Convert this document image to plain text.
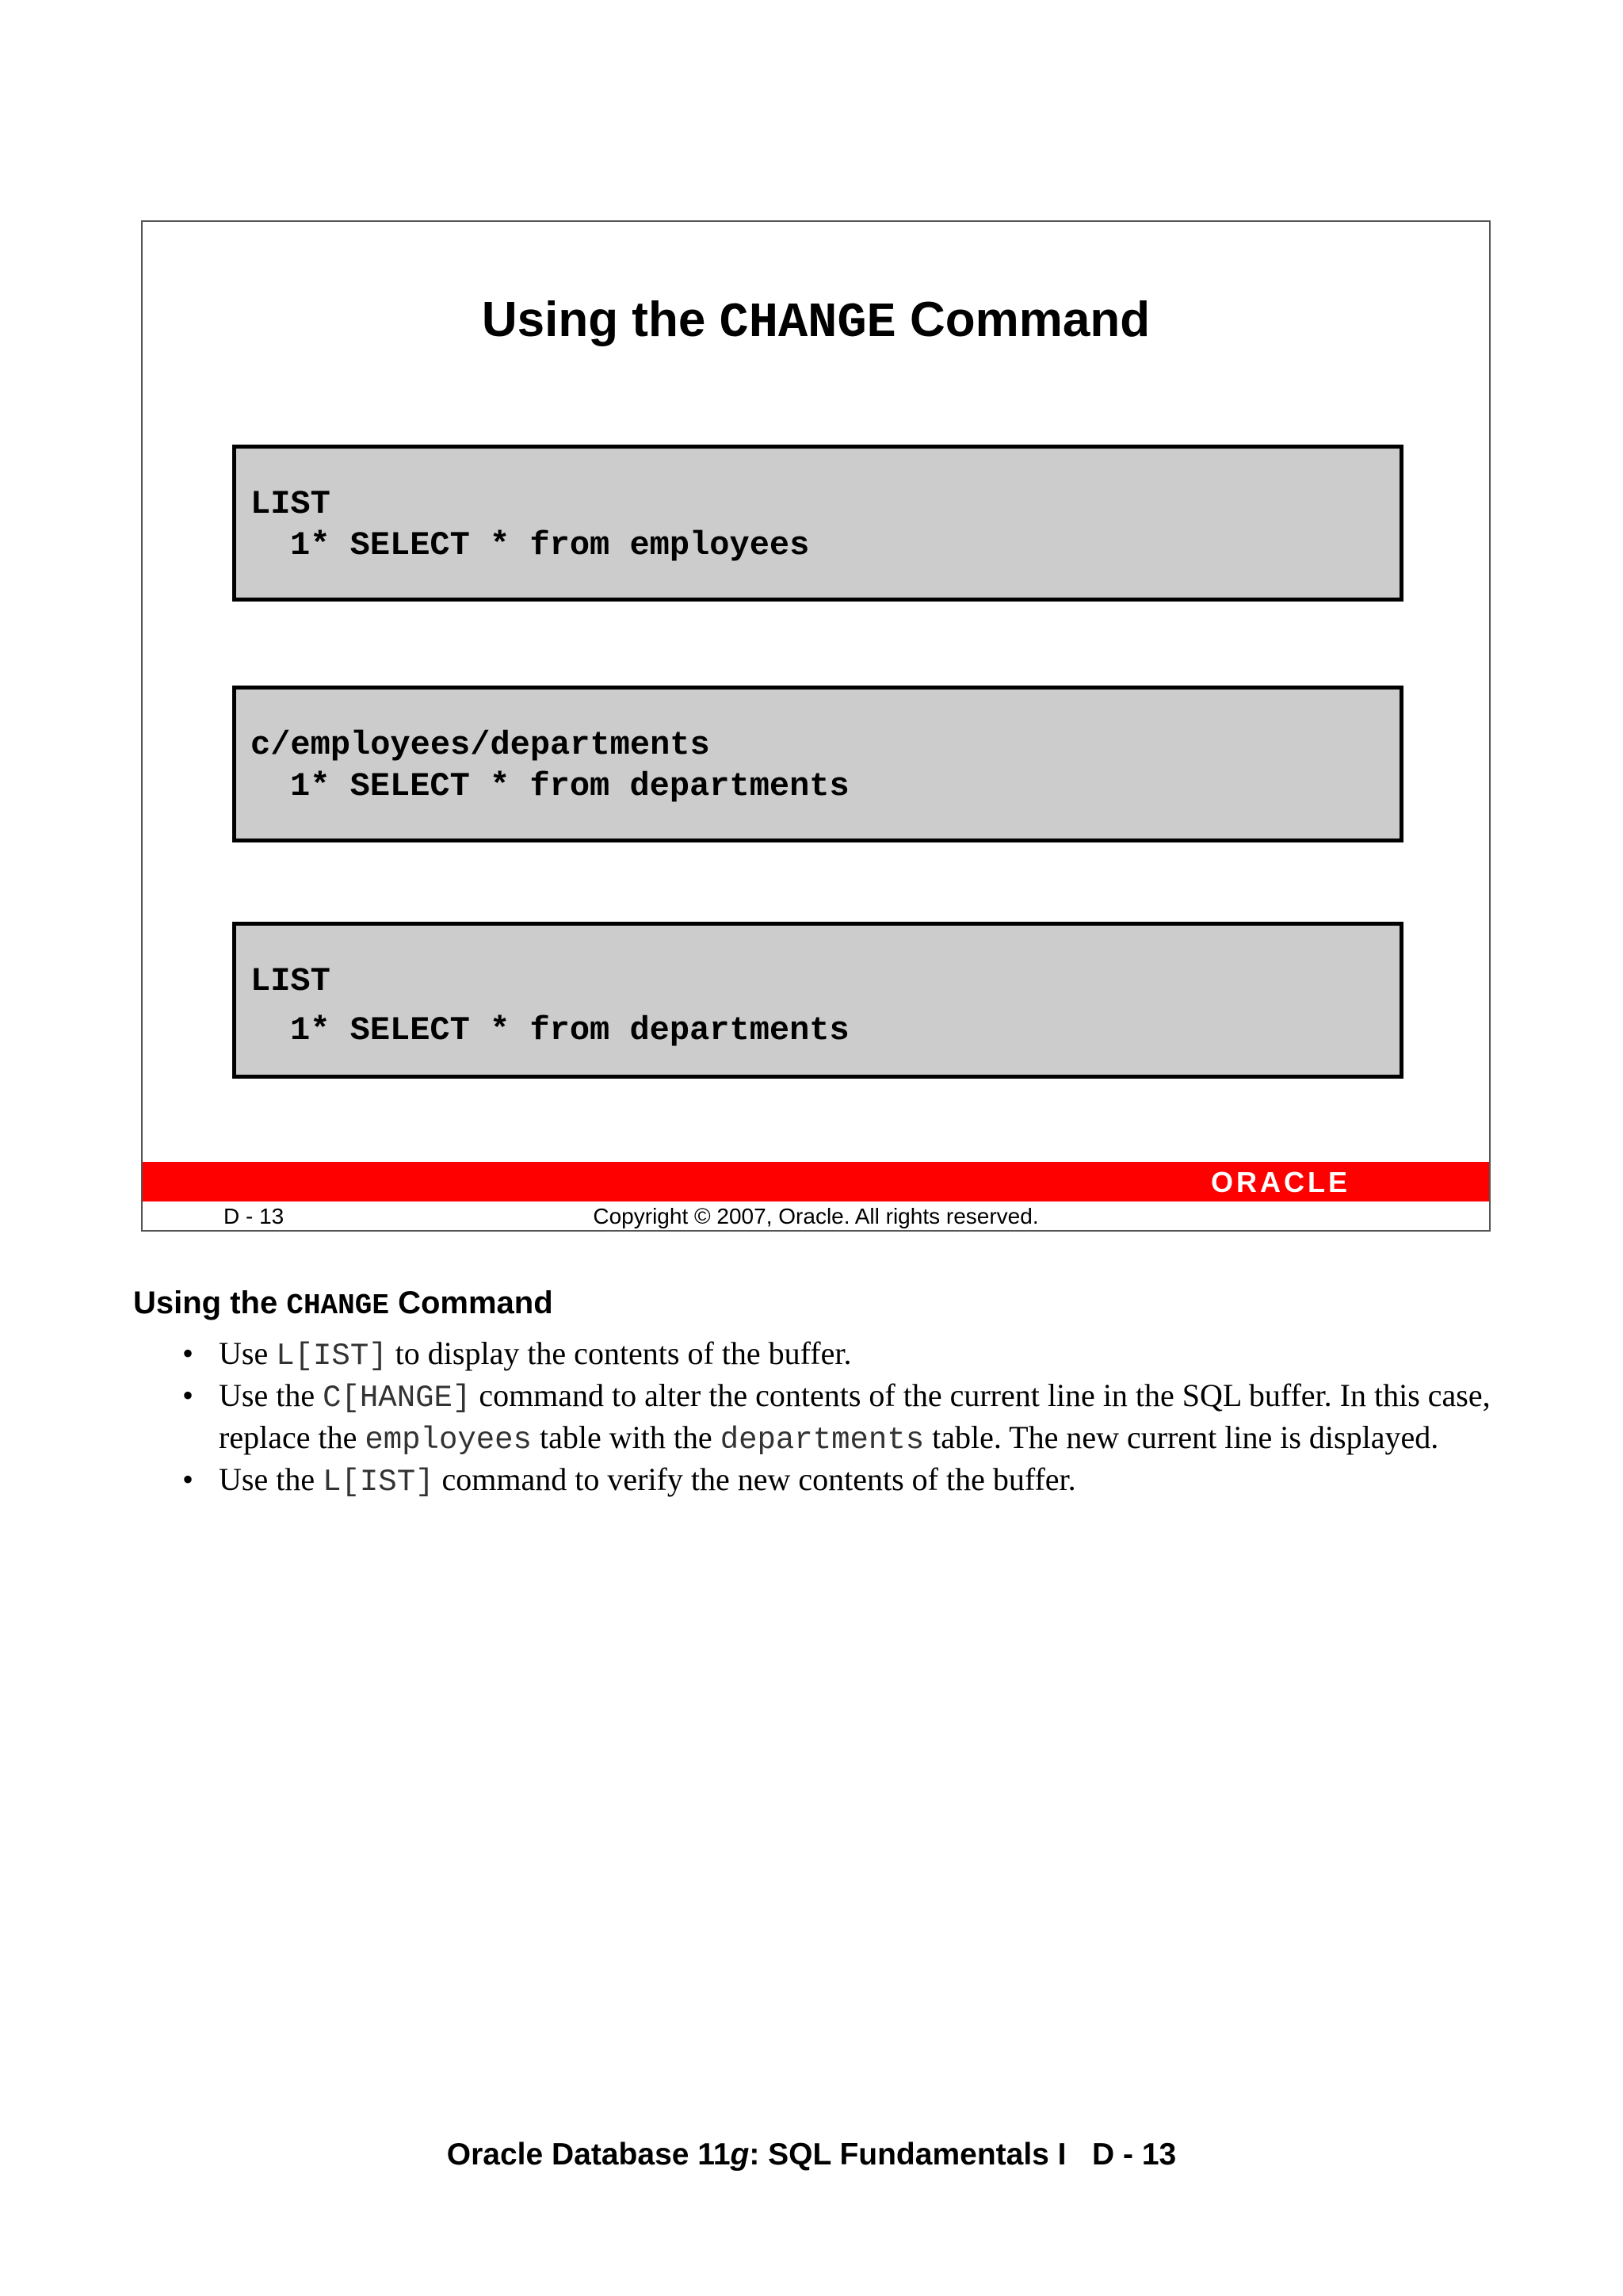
Using the CHANGE Command
LIST
1* SELECT * from employees
c/employees/departments
1* SELECT * from departments
LIST
1* SELECT * from departments
ORACLE
D - 13	Copyright © 2007, Oracle. All rights reserved.
Using the CHANGE Command
• Use L[IST] to display the contents of the buffer.
• Use the C[HANGE] command to alter the contents of the current line in the SQL buffer. In this case, replace the employees table with the departments table. The new current line is displayed.
• Use the L[IST] command to verify the new contents of the buffer.
Oracle Database 11g: SQL Fundamentals I   D - 13
